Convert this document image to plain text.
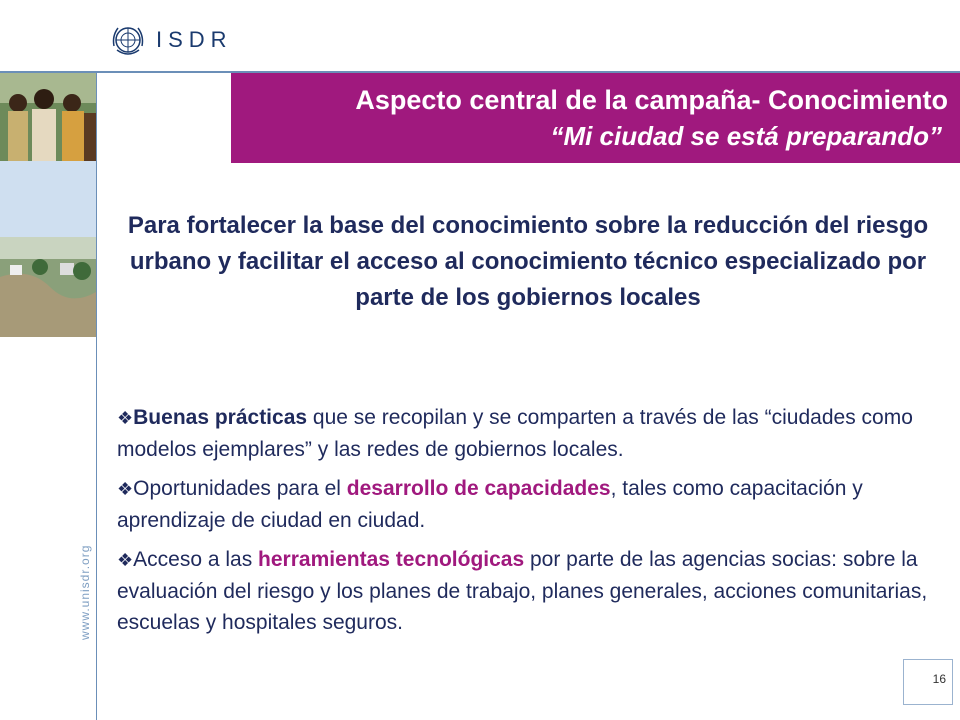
ISDR
www.unisdr.org
Aspecto central de la campaña- Conocimiento
“Mi ciudad se está preparando”
Para fortalecer la base del conocimiento sobre la reducción del riesgo urbano y facilitar el acceso al conocimiento técnico especializado por parte de los gobiernos locales
❖Buenas prácticas que se recopilan y se comparten a través de las “ciudades como modelos ejemplares” y las redes de gobiernos locales.
❖Oportunidades para el desarrollo de capacidades, tales como capacitación y aprendizaje de ciudad en ciudad.
❖Acceso a las herramientas tecnológicas por parte de las agencias socias: sobre la evaluación del riesgo y los planes de trabajo, planes generales, acciones comunitarias, escuelas y hospitales seguros.
16
